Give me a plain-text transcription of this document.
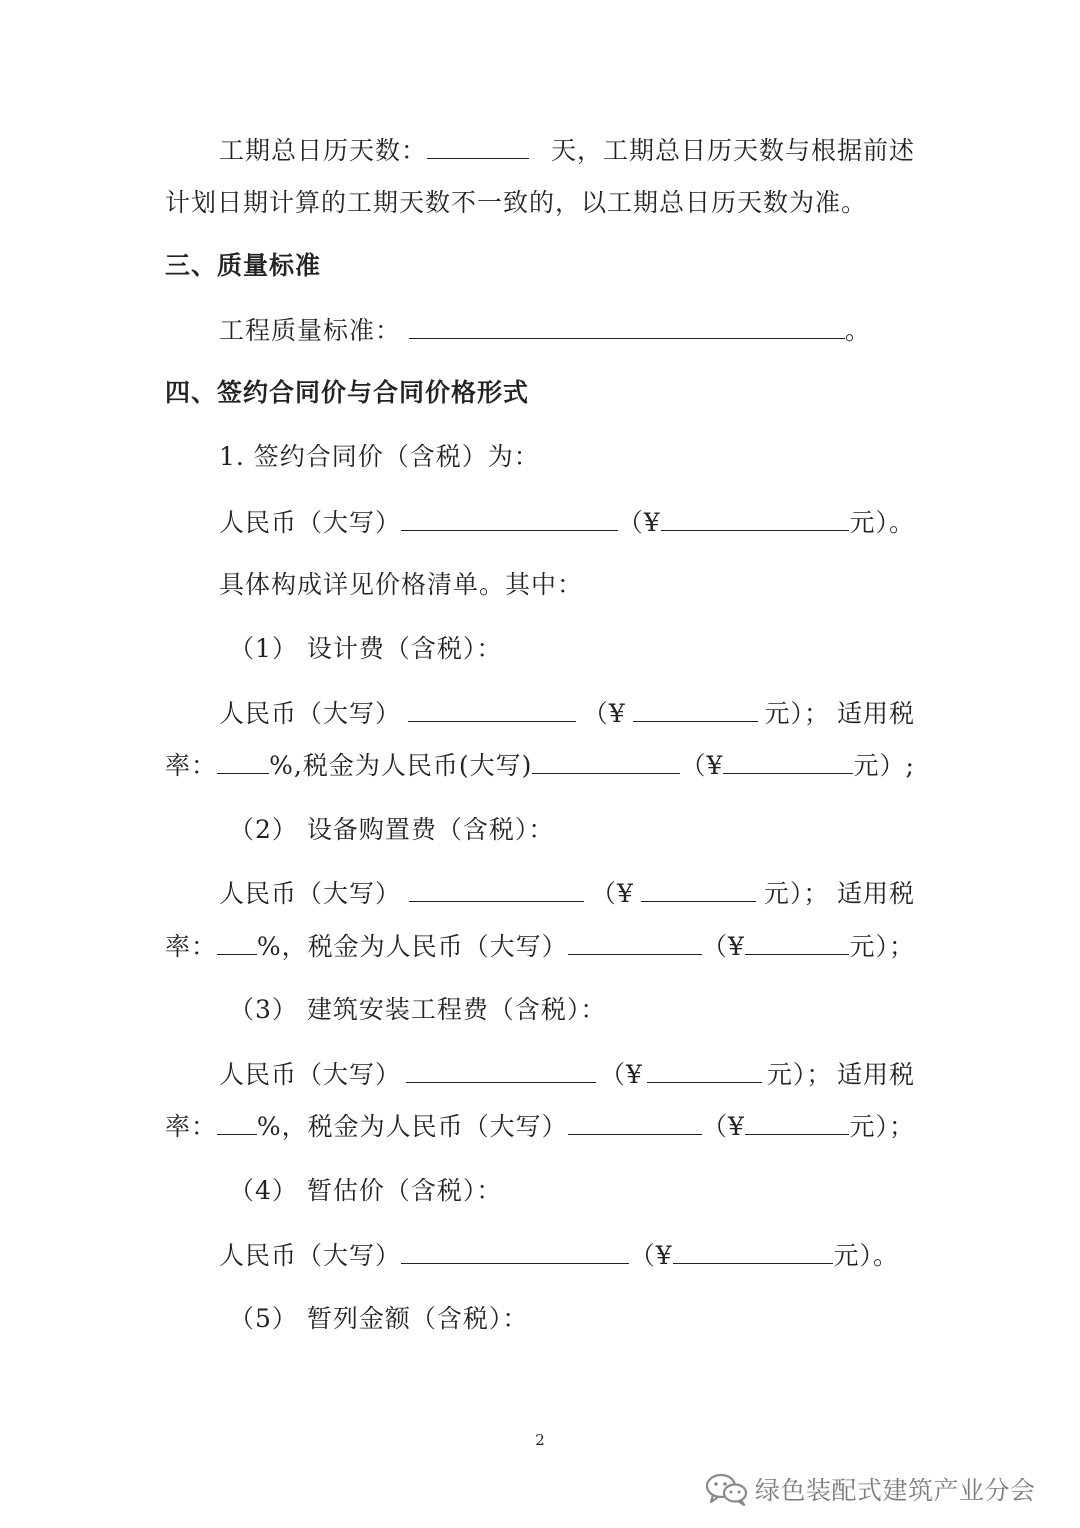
工期总日历天数：	天，工期总日历天数与根据前述
计划日期计算的工期天数不一致的，以工期总日历天数为准。
三、质量标准
工程质量标准：	。
四、签约合同价与合同价格形式
1. 签约合同价（含税）为：
人民币（大写）	（¥	元）。
具体构成详见价格清单。其中：
（1） 设计费（含税）：
人民币（大写）	（¥	元）； 适用税
率： %,税金为人民币(大写)	（¥	元）;
（2） 设备购置费（含税）：
人民币（大写）	（¥	元）； 适用税
率： %，税金为人民币（大写）	（¥	元）；
（3） 建筑安装工程费（含税）：
人民币（大写）	（¥	元）； 适用税
率： %，税金为人民币（大写）	（¥	元）；
（4） 暂估价（含税）：
人民币（大写）	（¥	元）。
（5） 暂列金额（含税）：
2
绿色装配式建筑产业分会
